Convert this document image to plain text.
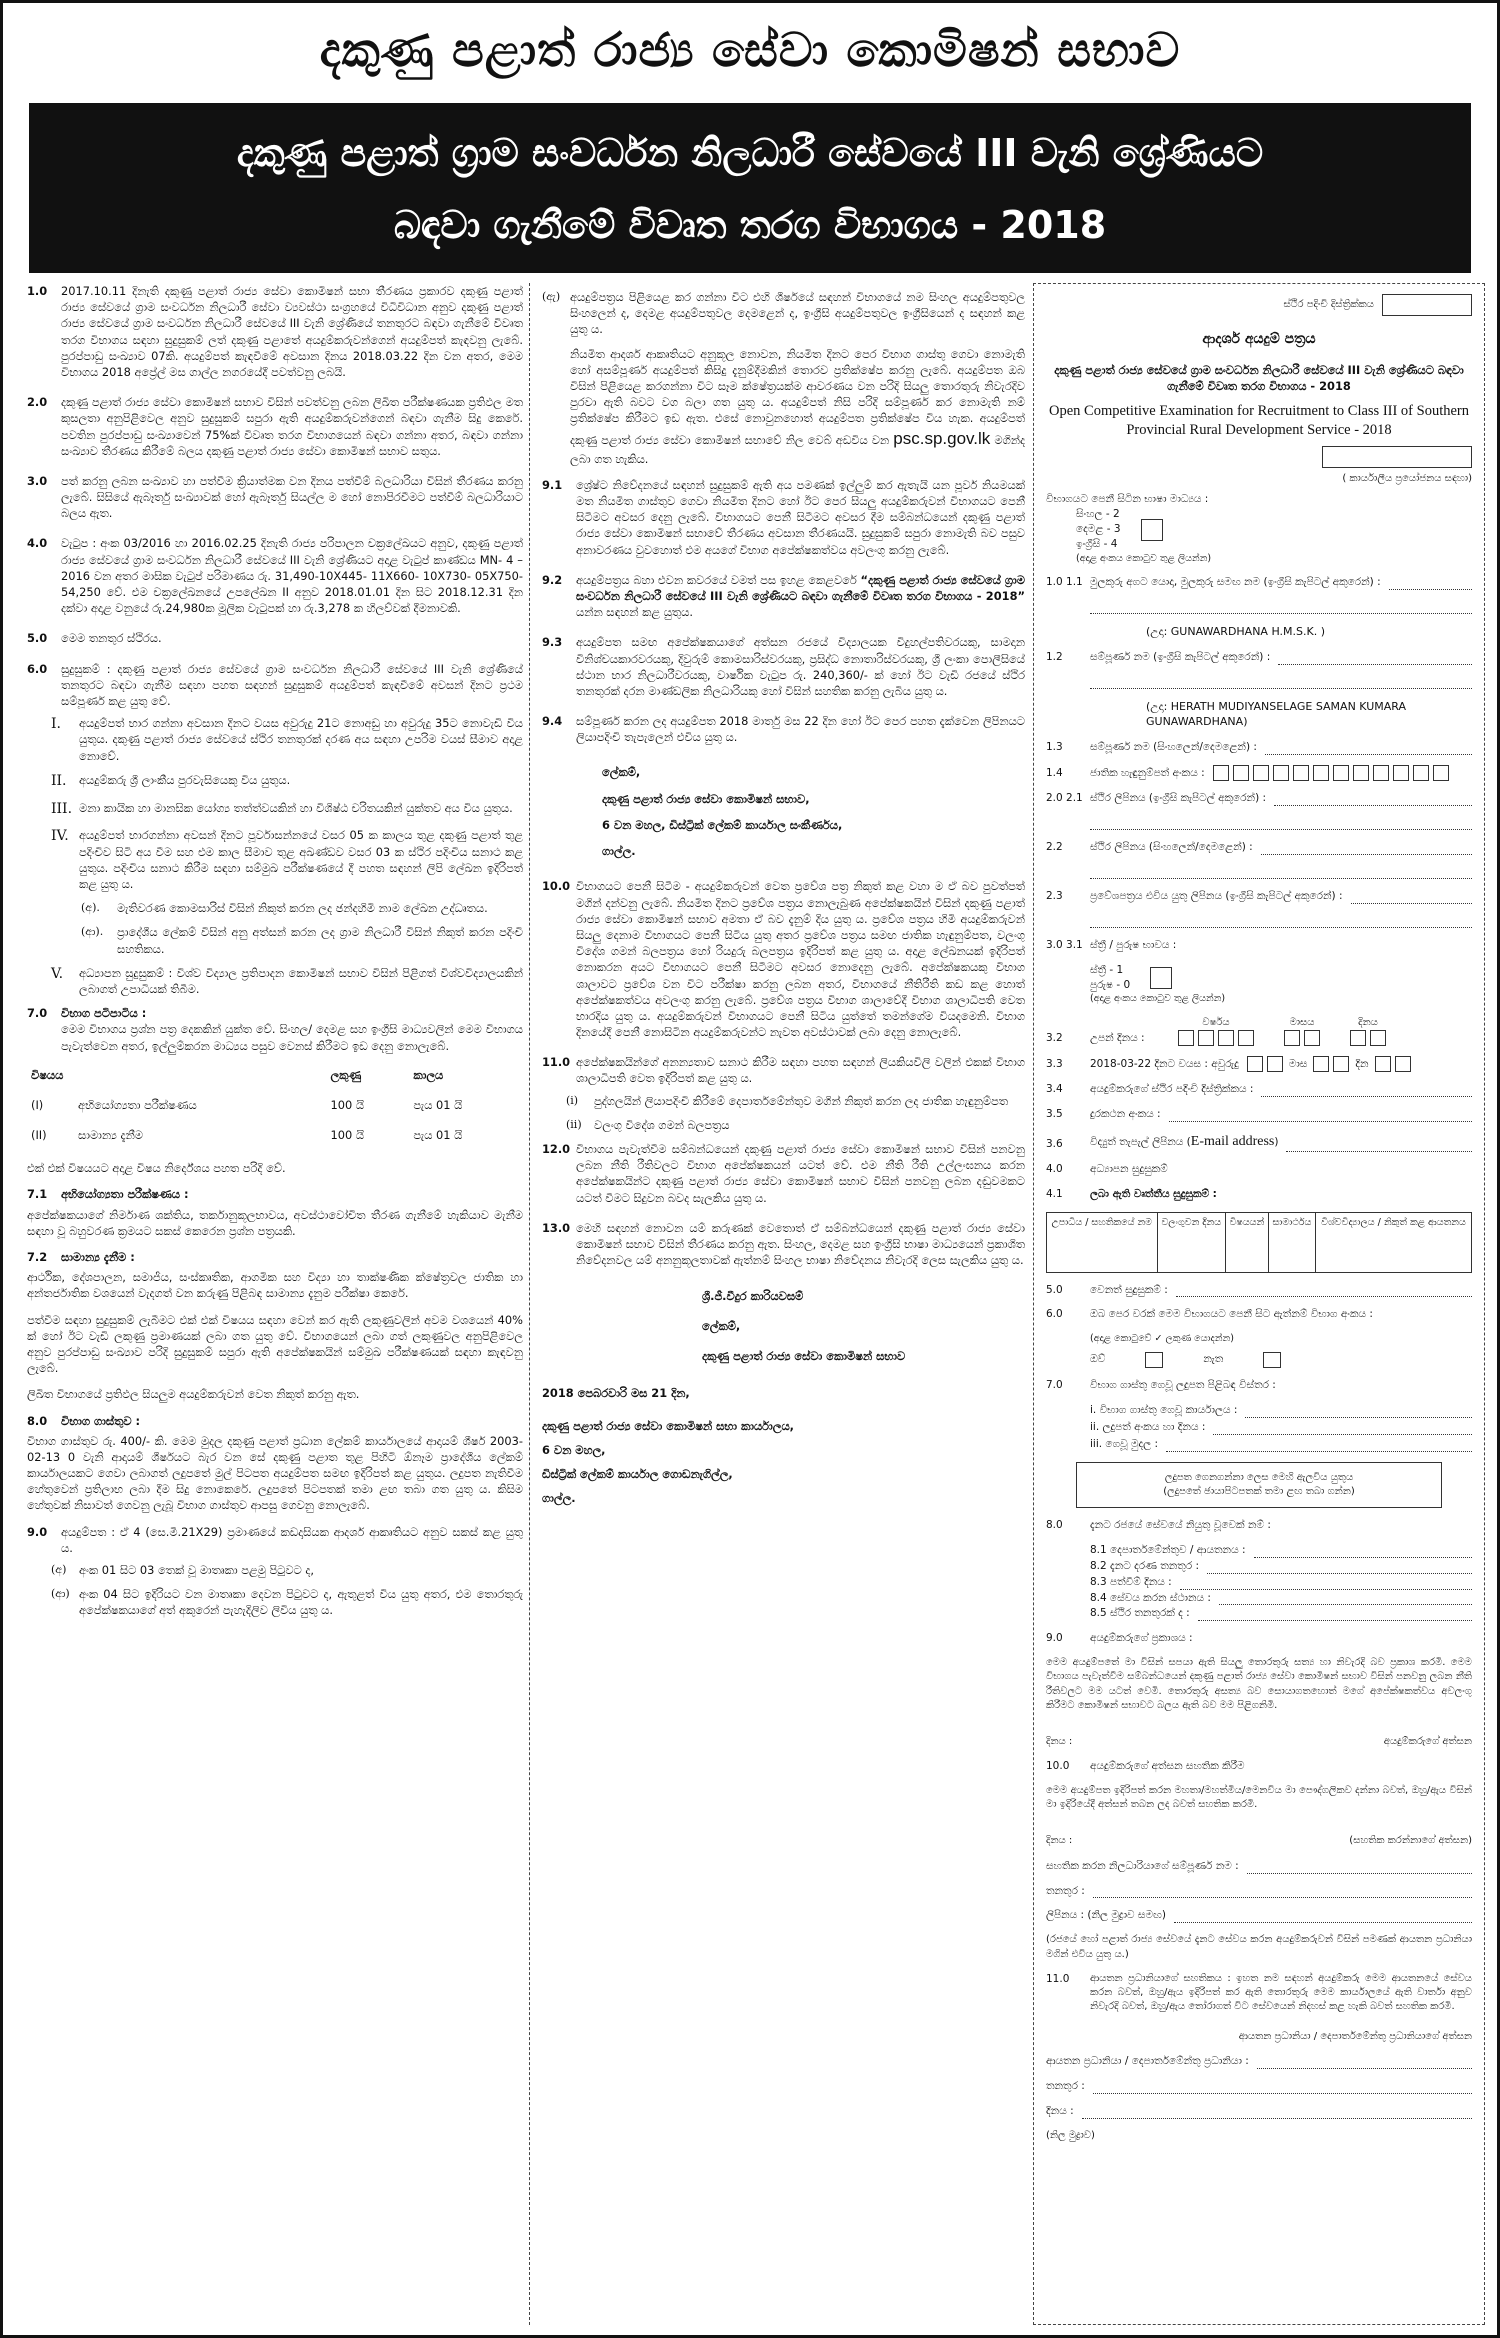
දකුණු පළාත් රාජ්‍ය සේවා කොමිෂන් සභාව
දකුණු පළාත් ග්‍රාම සංවර්ධන නිලධාරී සේවයේ III වැනි ශ්‍රේණියට
බඳවා ගැනීමේ විවෘත තරග විභාගය - 2018
1.0	2017.10.11 දිනැති දකුණු පළාත් රාජ්‍ය සේවා කොමිෂන් සභා තීරණය ප්‍රකාරව දකුණු පළාත් රාජ්‍ය සේවයේ ග්‍රාම සංවර්ධන නිලධාරී සේවා ව්‍යවස්ථා සංග්‍රහයේ විධිවිධාන අනුව දකුණු පළාත් රාජ්‍ය සේවයේ ග්‍රාම සංවර්ධන නිලධාරී සේවයේ III වැනි ශ්‍රේණියේ තනතුරට බඳවා ගැනීමේ විවෘත තරග විභාගය සඳහා සුදුසුකම් ලත් දකුණු පළාතේ අයදුම්කරුවන්ගෙන් අයදුම්පත් කැඳවනු ලැබේ. පුරප්පාඩු සංඛ්‍යාව 07කි. අයදුම්පත් කැඳවීමේ අවසාන දිනය 2018.03.22 දින වන අතර, මෙම විභාගය 2018 අප්‍රේල් මස ගාල්ල නගරයේදී පවත්වනු ලබයි.
2.0	දකුණු පළාත් රාජ්‍ය සේවා කොමිෂන් සභාව විසින් පවත්වනු ලබන ලිඛිත පරීක්ෂණයක ප්‍රතිඵල මත කුසලතා අනුපිළිවෙල අනුව සුදුසුකම් සපුරා ඇති අයදුම්කරුවන්ගෙන් බඳවා ගැනීම සිදු කෙරේ. පවතින පුරප්පාඩු සංඛ්‍යාවෙන් 75%ක් විවෘත තරග විභාගයෙන් බඳවා ගන්නා අතර, බඳවා ගන්නා සංඛ්‍යාව තීරණය කිරීමේ බලය දකුණු පළාත් රාජ්‍ය සේවා කොමිෂන් සභාව සතුය.
3.0	පත් කරනු ලබන සංඛ්‍යාව හා පත්වීම ක්‍රියාත්මක වන දිනය පත්වීම් බලධාරියා විසින් තීරණය කරනු ලැබේ. සිසියේ ඇබෑර්තු සංඛ්‍යාවක් හෝ ඇබෑර්තු සියල්ල ම හෝ නොපිරවීමට පත්වීම් බලධාරියාට බලය ඇත.
4.0	වැටුප : අංක 03/2016 හා 2016.02.25 දිනැති රාජ්‍ය පරිපාලන චක්‍රලේඛයට අනුව, දකුණු පළාත් රාජ්‍ය සේවයේ ග්‍රාම සංවර්ධන නිලධාරී සේවයේ III වැනි ශ්‍රේණියට අදාළ වැටුප් කාණ්ඩය MN- 4 – 2016 වන අතර මාසික වැටුප් පරිමාණය රු. 31,490-10X445- 11X660- 10X730- 05X750- 54,250 වේ. එම චක්‍රලේඛනයේ උපලේඛන II අනුව 2018.01.01 දින සිට 2018.12.31 දින දක්වා අදාළ වනුයේ රු.24,980ක මූලික වැටුපක් හා රු.3,278 ක හිලව්වක් දීමනාවකි.
5.0	මෙම තනතුර ස්ථිරය.
6.0	සුදුසුකම් : දකුණු පළාත් රාජ්‍ය සේවයේ ග්‍රාම සංවර්ධන නිලධාරී සේවයේ III වැනි ශ්‍රේණියේ තනතුරට බඳවා ගැනීම සඳහා පහත සඳහන් සුදුසුකම් අයදුම්පත් කැඳවීමේ අවසන් දිනට ප්‍රථම සම්පූර්ණ කළ යුතු වේ.
I.	අයදුම්පත් භාර ගන්නා අවසාන දිනට වයස අවුරුදු 21ට නොඅඩු හා අවුරුදු 35ට නොවැඩි විය යුතුය. දකුණු පළාත් රාජ්‍ය සේවයේ ස්ථිර තනතුරක් දරණ අය සඳහා උපරිම වයස් සීමාව අදාළ නොවේ.
II.	අයදුම්කරු ශ්‍රී ලාංකීය පුරවැසියෙකු විය යුතුය.
III. මනා කායික හා මානසික යෝග්‍ය තත්ත්වයකින් හා විශිෂ්ඨ චරිතයකින් යුක්තව අය විය යුතුය.
IV. අයදුම්පත් භාරගන්නා අවසන් දිනට පූර්වාසන්නයේ වසර 05 ක කාලය තුළ දකුණු පළාත් තුළ පදිංචිව සිටි අය වීම සහ එම කාල සීමාව තුළ අඛණ්ඩව වසර 03 ක ස්ථිර පදිංචිය සනාථ කළ යුතුය. පදිංචිය සනාථ කිරීම සඳහා සම්මුඛ පරීක්ෂණයේ දී පහත සඳහන් ලිපි ලේඛන ඉදිරිපත් කළ යුතු ය.
(අ).	මැතිවරණ කොමසාරිස් විසින් නිකුත් කරන ලද ඡන්දහිමි නාම ලේඛන උද්ධෘතය.
(ආ).	ප්‍රාදේශීය ලේකම් විසින් අනු අත්සන් කරන ලද ග්‍රාම නිලධාරී විසින් නිකුත් කරන පදිංචි සහතිකය.
V.	අධ්‍යාපන සුදුසුකම් : විශ්ව විද්‍යාල ප්‍රතිපාදන කොමිෂන් සභාව විසින් පිළිගත් විශ්වවිද්‍යාලයකින් ලබාගත් උපාධියක් තිබීම.
7.0	විභාග පටිපාටිය :
මෙම විභාගය ප්‍රශ්න පත්‍ර දෙකකින් යුක්ත වේ. සිංහල/ දෙමළ සහ ඉංග්‍රීසි මාධ්‍යවලින් මෙම විභාගය පැවැත්වෙන අතර, ඉල්ලුම්කරන මාධ්‍යය පසුව වෙනස් කිරීමට ඉඩ දෙනු නොලැබේ.
විෂයය		ලකුණු	කාලය
(I)	අභියෝග්‍යතා පරීක්ෂණය	100 යි	පැය 01 යි
(II)	සාමාන්‍ය දැනීම	100 යි	පැය 01 යි
එක් එක් විෂයයට අදාළ විෂය නිර්දේශය පහත පරිදි වේ.
7.1	අභියෝග්‍යතා පරීක්ෂණය :
අපේක්ෂකයාගේ නිර්මාණ ශක්තිය, තර්කානුකූලභාවය, අවස්ථාවෝචිත තීරණ ගැනීමේ හැකියාව මැනීම සඳහා වූ බහුවරණ ක්‍රමයට සකස් කෙරෙන ප්‍රශ්න පත්‍රයකි.
7.2	සාමාන්‍ය දැනීම :
ආර්ථික, දේශපාලන, සමාජීය, සංස්කෘතික, ආගමික සහ විද්‍යා හා තාක්ෂණික ක්ෂේත්‍රවල ජාතික හා අන්තර්ජාතික වශයෙන් වැදගත් වන කරුණු පිළිබඳ සාමාන්‍ය දැනුම පරීක්ෂා කෙරේ.
පත්වීම සඳහා සුදුසුකම් ලැබීමට එක් එක් විෂයය සඳහා වෙන් කර ඇති ලකුණුවලින් අවම වශයෙන් 40% ක් හෝ ඊට වැඩි ලකුණු ප්‍රමාණයක් ලබා ගත යුතු වේ. විභාගයෙන් ලබා ගත් ලකුණුවල අනුපිළිවෙල අනුව පුරප්පාඩු සංඛ්‍යාව පරිදි සුදුසුකම් සපුරා ඇති අපේක්ෂකයින් සම්මුඛ පරීක්ෂණයක් සඳහා කැඳවනු ලැබේ.
ලිඛිත විභාගයේ ප්‍රතිඵල සියලුම අයදුම්කරුවන් වෙත නිකුත් කරනු ඇත.
8.0	විභාග ගාස්තුව :
විභාග ගාස්තුව රු. 400/- කි. මෙම මුදල දකුණු පළාත් ප්‍රධාන ලේකම් කාර්යාලයේ ආදායම් ශීර්ෂ 2003-02-13 0 වැනි ආදායම් ශීර්ෂයට බැර වන සේ දකුණු පළාත තුළ පිහිටි ඕනෑම ප්‍රාදේශීය ලේකම් කාර්යාලයකට ගෙවා ලබාගත් ලදුපතේ මුල් පිටපත අයදුම්පත සමඟ ඉදිරිපත් කළ යුතුය. ලදුපත නැතිවීම හේතුවෙන් ප්‍රතිලාභ ලබා දීම සිදු නොකෙරේ. ලදුපතේ පිටපතක් තමා ළඟ තබා ගත යුතු ය. කිසිම හේතුවක් නිසාවත් ගෙවනු ලැබූ විභාග ගාස්තුව ආපසු ගෙවනු නොලැබේ.
9.0	අයදුම්පත : ඒ 4 (සෙ.මී.21X29) ප්‍රමාණයේ කඩදාසියක ආදර්ශ ආකෘතියට අනුව සකස් කළ යුතු ය.
(අ)	අංක 01 සිට 03 තෙක් වූ මාතෘකා පළමු පිටුවට ද,
(ආ) අංක 04 සිට ඉදිරියට වන මාතෘකා දෙවන පිටුවට ද, ඇතුළත් විය යුතු අතර, එම තොරතුරු අපේක්ෂකයාගේ අත් අකුරෙන් පැහැදිලිව ලිවිය යුතු ය.
(ඇ) අයදුම්පත්‍රය පිළියෙළ කර ගන්නා විට එහි ශීර්ෂයේ සඳහන් විභාගයේ නම සිංහල අයදුම්පතුවල සිංහලෙන් ද, දෙමළ අයදුම්පතුවල දෙමළෙන් ද, ඉංග්‍රීසි අයදුම්පතුවල ඉංග්‍රීසියෙන් ද සඳහන් කළ යුතු ය.
නියමිත ආදර්ශ ආකෘතියට අනුකූල නොවන, නියමිත දිනට පෙර විභාග ගාස්තු ගෙවා නොමැති හෝ අසම්පූර්ණ අයදුම්පත් කිසිදු දැනුම්දීමකින් තොරව ප්‍රතික්ෂේප කරනු ලැබේ. අයදුම්පත ඔබ විසින් පිළියෙළ කරගන්නා විට සෑම ක්ෂේත්‍රයක්ම ආවරණය වන පරිදි සියලු තොරතුරු නිවැරදිව පුරවා ඇති බවට වග බලා ගත යුතු ය. අයදුම්පත් නිසි පරිදි සම්පූර්ණ කර නොමැති නම් ප්‍රතික්ෂේප කිරීමට ඉඩ ඇත. එසේ නොවුනහොත් අයදුම්පත ප්‍රතික්ෂේප විය හැක. අයදුම්පත් දකුණු පළාත් රාජ්‍ය සේවා කොමිෂන් සභාවේ නිල වෙබ් අඩවිය වන psc.sp.gov.lk මගින්ද ලබා ගත හැකිය.
9.1	ශ්‍රේෂ්ට නිවේදනයේ සඳහන් සුදුසුකම් ඇති අය පමණක් ඉල්ලුම් කර ඇතැයි යන පූර්ව නියමයක් මත නියමිත ගාස්තුව ගෙවා නියමිත දිනට හෝ ඊට පෙර සියලු අයදුම්කරුවන් විභාගයට පෙනී සිටීමට අවසර දෙනු ලැබේ. විභාගයට පෙනී සිටීමට අවසර දීම සම්බන්ධයෙන් දකුණු පළාත් රාජ්‍ය සේවා කොමිෂන් සභාවේ තීරණය අවසාන තීරණයයි. සුදුසුකම් සපුරා නොමැති බව පසුව අනාවරණය වුවහොත් එම අයගේ විභාග අපේක්ෂකත්වය අවලංගු කරනු ලැබේ.
9.2	අයදුම්පත්‍රය බහා එවන කවරයේ වමත් පස ඉහළ කෙළවරේ “දකුණු පළාත් රාජ්‍ය සේවයේ ග්‍රාම සංවර්ධන නිලධාරී සේවයේ III වැනි ශ්‍රේණියට බඳවා ගැනීමේ විවෘත තරග විභාගය - 2018” යන්න සඳහන් කළ යුතුය.
9.3	අයදුම්පත සමඟ අපේක්ෂකයාගේ අත්සන රජයේ විද්‍යාලයක විදුහල්පතිවරයකු, සාමදාන විනිශ්චයකාරවරයකු, දිවුරුම් කොමසාරිස්වරයකු, ප්‍රසිද්ධ නොතාරිස්වරයකු, ශ්‍රී ලංකා පොලීසියේ ස්ථාන භාර නිලධාරීවරයකු, වාර්ෂික වැටුප රු. 240,360/- ක් හෝ ඊට වැඩි රජයේ ස්ථිර තනතුරක් දරන මාණ්ඩලික නිලධාරියකු හෝ විසින් සහතික කරනු ලැබිය යුතු ය.
9.4	සම්පූර්ණ කරන ලද අයදුම්පත 2018 මාර්තු මස 22 දින හෝ ඊට පෙර පහත දැක්වෙන ලිපිනයට ලියාපදිංචි තැපැලෙන් එවිය යුතු ය.
ලේකම්,
දකුණු පළාත් රාජ්‍ය සේවා කොමිෂන් සභාව,
6 වන මහල, ඩිස්ට්‍රික් ලේකම් කාර්යාල සංකීර්ණය,
ගාල්ල.
10.0 විභාගයට පෙනී සිටීම - අයදුම්කරුවන් වෙත ප්‍රවේශ පත්‍ර නිකුත් කළ වහා ම ඒ බව පුවත්පත් මගින් දන්වනු ලැබේ. නියමිත දිනට ප්‍රවේශ පත්‍රය නොලැබුණ අපේක්ෂකයින් විසින් දකුණු පළාත් රාජ්‍ය සේවා කොමිෂන් සභාව අමතා ඒ බව දැනුම් දිය යුතු ය. ප්‍රවේශ පත්‍රය හිමි අයදුම්කරුවන් සියලු දෙනාම විභාගයට පෙනී සිටිය යුතු අතර ප්‍රවේශ පත්‍රය සමඟ ජාතික හැඳුනුම්පත, වලංගු විදේශ ගමන් බලපත්‍රය හෝ රියදුරු බලපත්‍රය ඉදිරිපත් කළ යුතු ය. අදාළ ලේඛනයක් ඉදිරිපත් නොකරන අයට විභාගයට පෙනී සිටීමට අවසර නොදෙනු ලැබේ. අපේක්ෂකයකු විභාග ශාලාවට ප්‍රවේශ වන විට පරීක්ෂා කරනු ලබන අතර, විභාගයේ නීතිරීති කඩ කළ හොත් අපේක්ෂකත්වය අවලංගු කරනු ලැබේ. ප්‍රවේශ පත්‍රය විභාග ශාලාවේදී විභාග ශාලාධිපති වෙත භාරදිය යුතු ය. අයදුම්කරුවන් විභාගයට පෙනී සිටිය යුත්තේ තමන්ගේම වියදමෙනි. විභාග දිනයේදී පෙනී නොසිටින අයදුම්කරුවන්ට නැවත අවස්ථාවක් ලබා දෙනු නොලැබේ.
11.0 අපේක්ෂකයින්ගේ අනන්‍යතාව සනාථ කිරීම සඳහා පහත සඳහන් ලියකියවිලි වලින් එකක් විභාග ශාලාධිපති වෙත ඉදිරිපත් කළ යුතු ය.
(i)	පුද්ගලයින් ලියාපදිංචි කිරීමේ දෙපාර්තමේන්තුව මගින් නිකුත් කරන ලද ජාතික හැඳුනුම්පත
(ii)	වලංගු විදේශ ගමන් බලපත්‍රය
12.0 විභාගය පැවැත්වීම සම්බන්ධයෙන් දකුණු පළාත් රාජ්‍ය සේවා කොමිෂන් සභාව විසින් පනවනු ලබන නීති රීතිවලට විභාග අපේක්ෂකයන් යටත් වේ. එම නීති රීති උල්ලංඝනය කරන අපේක්ෂකයින්ට දකුණු පළාත් රාජ්‍ය සේවා කොමිෂන් සභාව විසින් පනවනු ලබන දඬුවමකට යටත් වීමට සිදුවන බවද සැලකිය යුතු ය.
13.0 මෙහි සඳහන් නොවන යම් කරුණක් වෙතොත් ඒ සම්බන්ධයෙන් දකුණු පළාත් රාජ්‍ය සේවා කොමිෂන් සභාව විසින් තීරණය කරනු ඇත. සිංහල, දෙමළ සහ ඉංග්‍රීසි භාෂා මාධ්‍යයෙන් ප්‍රකාශිත නිවේදනවල යම් අනනුකූලතාවක් ඇත්නම් සිංහල භාෂා නිවේදනය නිවැරදි ලෙස සැලකිය යුතු ය.
ශ්‍රී.ජී.වීදුර කාරියවසම්
ලේකම්,
දකුණු පළාත් රාජ්‍ය සේවා කොමිෂන් සභාව
2018 පෙබරවාරි මස 21 දින,
දකුණු පළාත් රාජ්‍ය සේවා කොමිෂන් සභා කාර්යාලය,
6 වන මහල,
ඩිස්ට්‍රික් ලේකම් කාර්යාල ගොඩනැගිල්ල,
ගාල්ල.
ස්ථිර පදිංචි දිස්ත්‍රික්කය
ආදර්ශ අයදුම් පත්‍රය
දකුණු පළාත් රාජ්‍ය සේවයේ ග්‍රාම සංවර්ධන නිලධාරී සේවයේ III වැනි ශ්‍රේණියට බඳවා ගැනීමේ විවෘත තරග විභාගය - 2018
Open Competitive Examination for Recruitment to Class III of Southern Provincial Rural Development Service - 2018
( කාර්යාලීය ප්‍රයෝජනය සඳහා)
විභාගයට පෙනී සිටින භාෂා මාධ්‍යය :
සිංහල - 2
දෙමළ - 3
ඉංග්‍රීසි - 4
(අදාළ අංකය කොටුව තුළ ලියන්න)
1.0 1.1 මුලකුරු අගට යොදා, මුලකුරු සමඟ නම (ඉංග්‍රීසි කැපිටල් අකුරෙන්) :
(උදා: GUNAWARDHANA H.M.S.K. )
1.2	සම්පූර්ණ නම (ඉංග්‍රීසි කැපිටල් අකුරෙන්) :
(උදා: HERATH MUDIYANSELAGE SAMAN KUMARA GUNAWARDHANA)
1.3	සම්පූර්ණ නම (සිංහලෙන්/දෙමළෙන්) :
1.4	ජාතික හැඳුනුම්පත් අංකය :
2.0 2.1 ස්ථිර ලිපිනය (ඉංග්‍රීසි කැපිටල් අකුරෙන්) :
2.2	ස්ථිර ලිපිනය (සිංහලෙන්/දෙමළෙන්) :
2.3	ප්‍රවේශපත්‍රය එවිය යුතු ලිපිනය (ඉංග්‍රීසි කැපිටල් අකුරෙන්) :
3.0 3.1 ස්ත්‍රී / පුරුෂ භාවය :
ස්ත්‍රී - 1
පුරුෂ - 0
(අදාළ අංකය කොටුව තුළ ලියන්න)
3.2	උපන් දිනය :
වර්ෂය	මාසය	දිනය
3.3	2018-03-22 දිනට වයස : අවුරුදු	මාස	දින
3.4	අයදුම්කරුගේ ස්ථිර පදිංචි දිස්ත්‍රික්කය :
3.5	දුරකථන අංකය :
3.6	විද්‍යුත් තැපැල් ලිපිනය (E-mail address)
4.0	අධ්‍යාපන සුදුසුකම්
4.1	ලබා ඇති වෘත්තීය සුදුසුකම් :
උපාධිය / සහතිකයේ නම	වලංගුවන දිනය	විෂයයන්	සාමාර්ථය	විශ්වවිද්‍යාලය / නිකුත් කළ ආයතනය
5.0	වෙනත් සුදුසුකම් :
6.0	ඔබ පෙර වරක් මෙම විභාගයට පෙනී සිට ඇත්නම් විභාග අංකය :
(අදාළ කොටුවේ ✓ ලකුණ යොදන්න)
ඔව්	නැත
7.0	විභාග ගාස්තු ගෙවූ ලදුපත පිළිබඳ විස්තර :
i. විභාග ගාස්තු ගෙවූ කාර්යාලය :
ii. ලදුපත් අංකය හා දිනය :
iii. ගෙවූ මුදල :
ලදුපත ගෙනගන්නා ලෙස මෙහි ඇලවිය යුතුය
(ලදුපතේ ඡායාපිටපතක් තමා ළඟ තබා ගන්න)
8.0	දැනට රජයේ සේවයේ නියුතු වූවෙක් නම් :
8.1 දෙපාර්තමේන්තුව / ආයතනය :
8.2 දැනට දරණ තනතුර :
8.3 පත්වීම් දිනය :
8.4 සේවය කරන ස්ථානය :
8.5 ස්ථිර තනතුරක් ද :
9.0	අයදුම්කරුගේ ප්‍රකාශය :
මෙම අයදුම්පතේ මා විසින් සපයා ඇති සියලු තොරතුරු සත්‍ය හා නිවැරදි බව ප්‍රකාශ කරමි. මෙම විභාගය පැවැත්වීම සම්බන්ධයෙන් දකුණු පළාත් රාජ්‍ය සේවා කොමිෂන් සභාව විසින් පනවනු ලබන නීති රීතිවලට මම යටත් වෙමි. තොරතුරු අසත්‍ය බව සොයාගතහොත් මගේ අපේක්ෂකත්වය අවලංගු කිරීමට කොමිෂන් සභාවට බලය ඇති බව මම පිළිගනිමි.
දිනය :	අයදුම්කරුගේ අත්සන
10.0	අයදුම්කරුගේ අත්සන සහතික කිරීම
මෙම අයදුම්පත ඉදිරිපත් කරන මහතා/මහත්මිය/මෙනවිය මා පෞද්ගලිකව දන්නා බවත්, ඔහු/ඇය විසින් මා ඉදිරියේදී අත්සන් තබන ලද බවත් සහතික කරමි.
දිනය :	(සහතික කරන්නාගේ අත්සන)
සහතික කරන නිලධාරියාගේ සම්පූර්ණ නම :
තනතුර :
ලිපිනය : (නිල මුද්‍රාව සමඟ)
(රජයේ හෝ පළාත් රාජ්‍ය සේවයේ දැනට සේවය කරන අයදුම්කරුවන් විසින් පමණක් ආයතන ප්‍රධානියා මගින් එවිය යුතු ය.)
11.0	ආයතන ප්‍රධානියාගේ සහතිකය : ඉහත නම සඳහන් අයදුම්කරු මෙම ආයතනයේ සේවය කරන බවත්, ඔහු/ඇය ඉදිරිපත් කර ඇති තොරතුරු මෙම කාර්යාලයේ ඇති වාර්තා අනුව නිවැරදි බවත්, ඔහු/ඇය තෝරාගත් විට සේවයෙන් නිදහස් කළ හැකි බවත් සහතික කරමි.
ආයතන ප්‍රධානියා / දෙපාර්තමේන්තු ප්‍රධානියාගේ අත්සන
ආයතන ප්‍රධානියා / දෙපාර්තමේන්තු ප්‍රධානියා :
තනතුර :
දිනය :
(නිල මුද්‍රාව)
